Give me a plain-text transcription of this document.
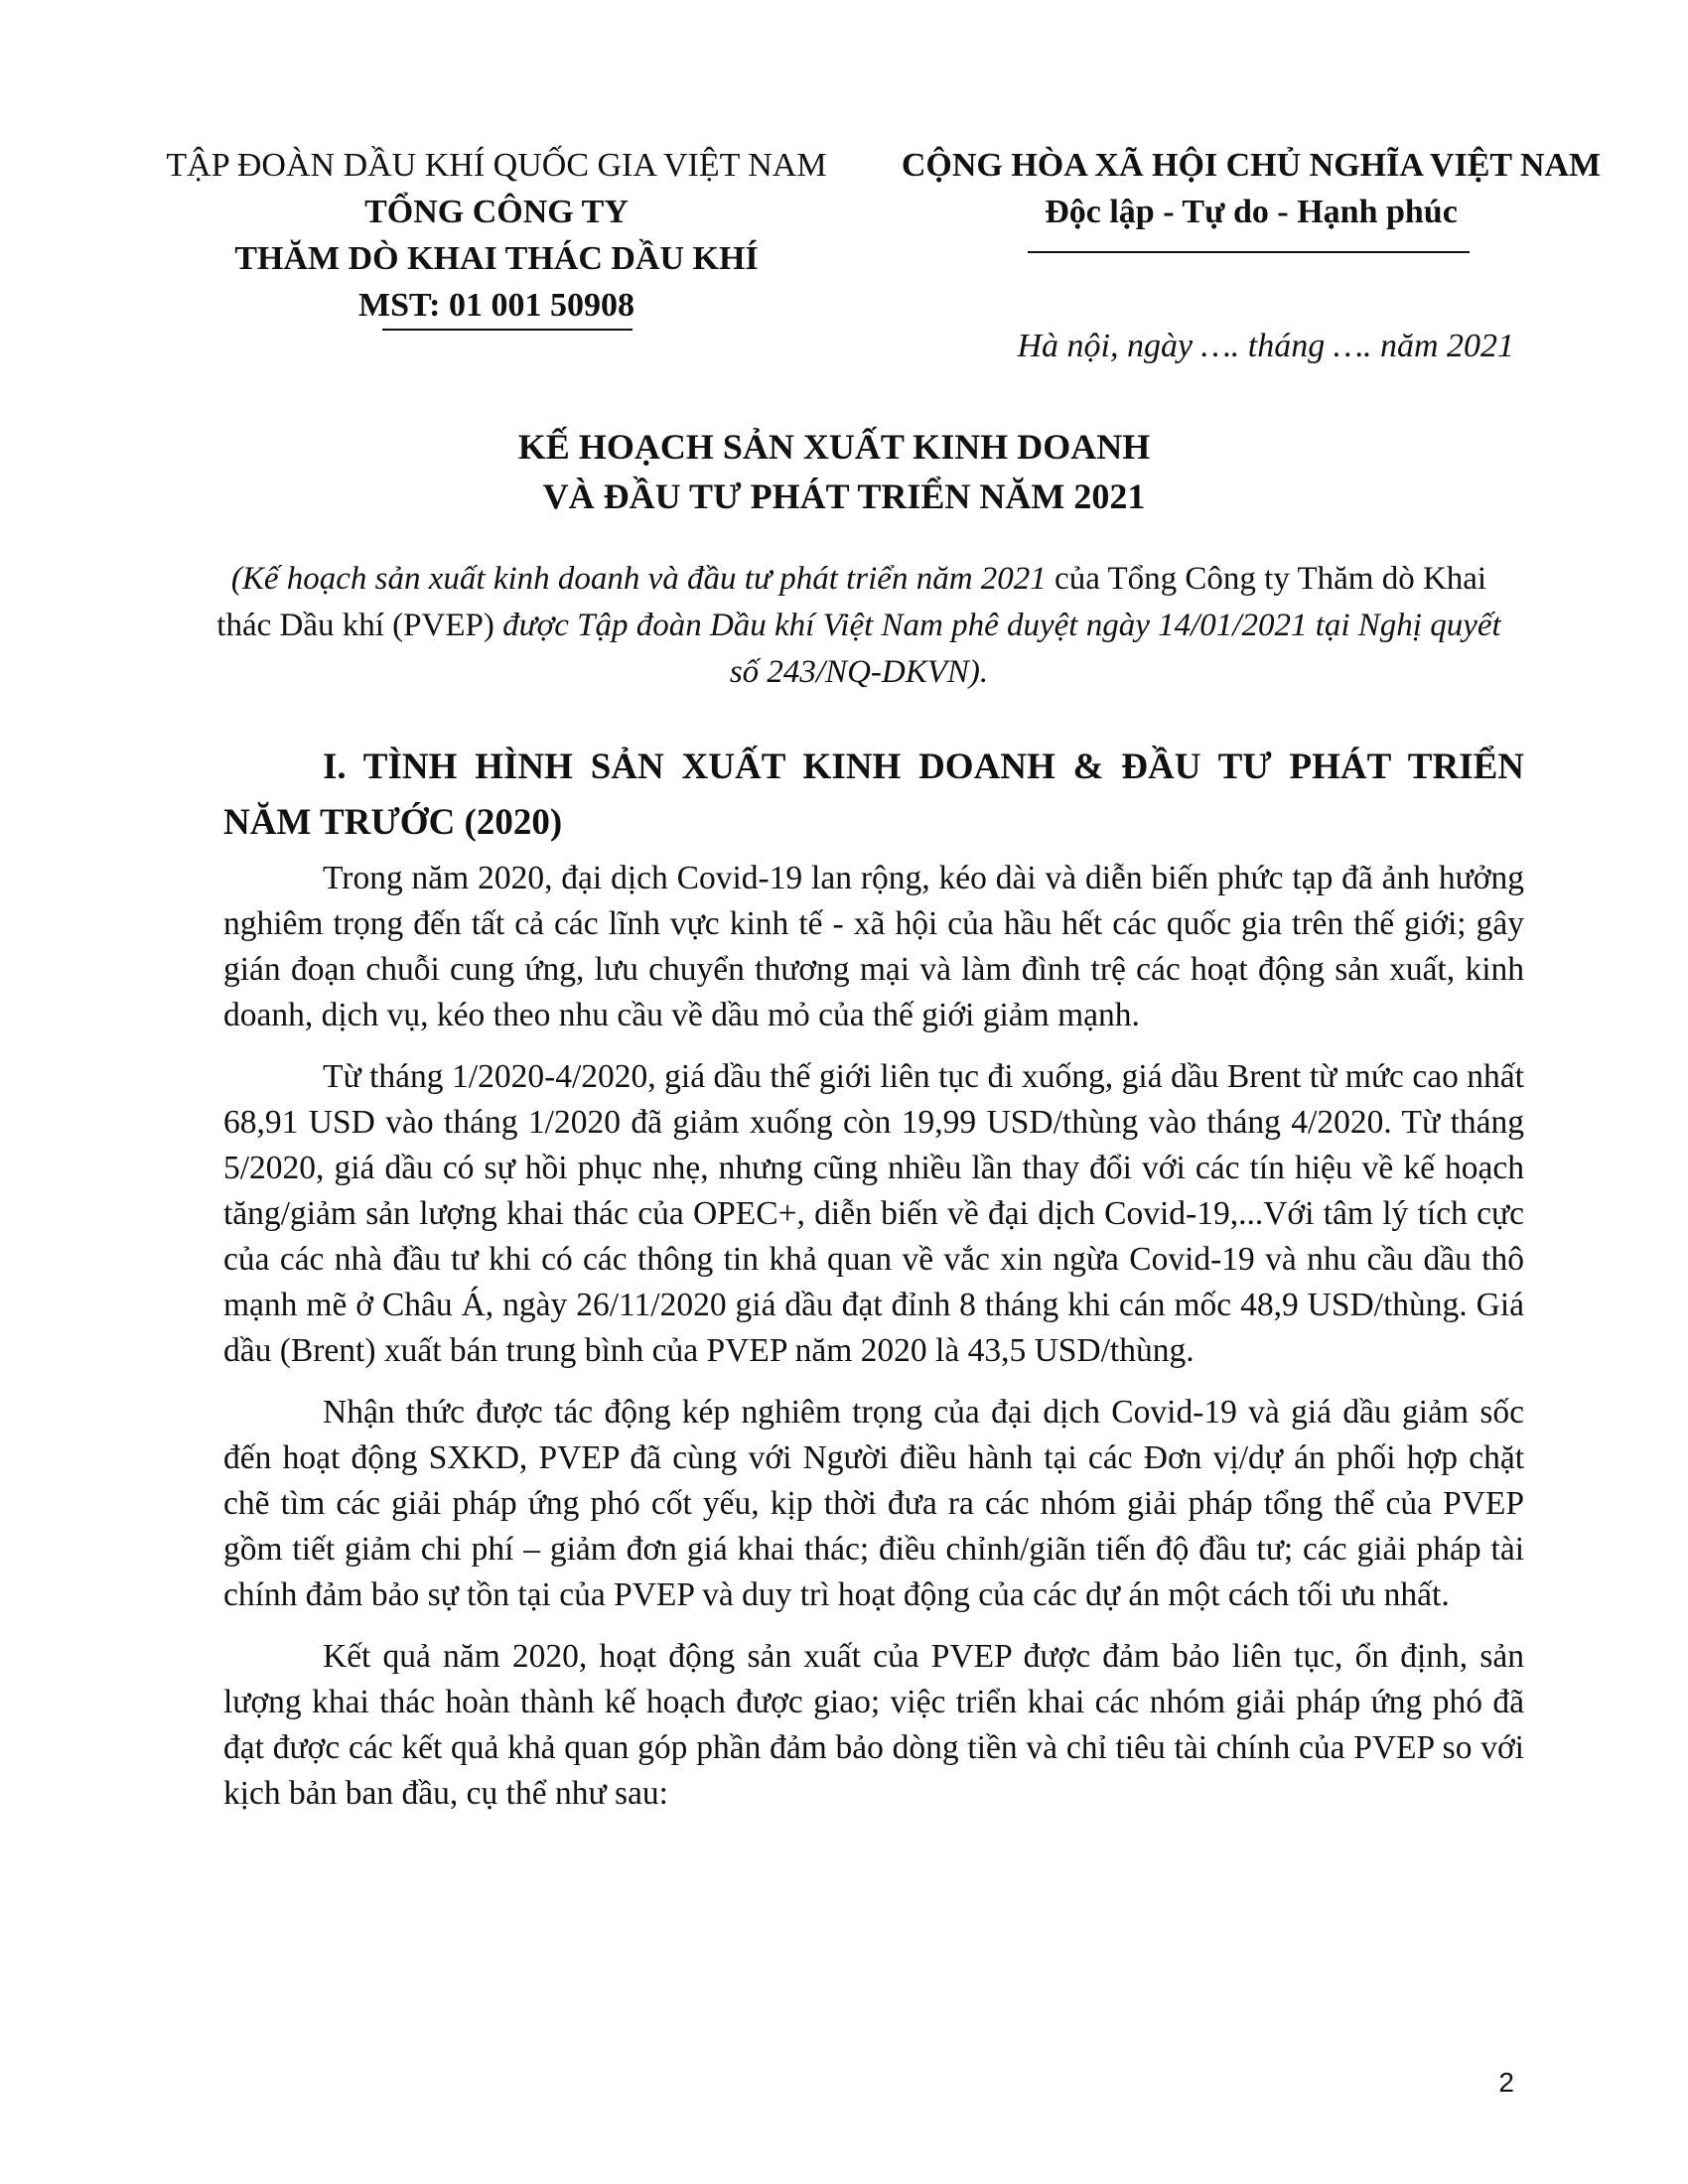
TẬP ĐOÀN DẦU KHÍ QUỐC GIA VIỆT NAM
TỔNG CÔNG TY
THĂM DÒ KHAI THÁC DẦU KHÍ
MST: 01 001 50908
CỘNG HÒA XÃ HỘI CHỦ NGHĨA VIỆT NAM
Độc lập - Tự do - Hạnh phúc
Hà nội, ngày …. tháng …. năm 2021
KẾ HOẠCH SẢN XUẤT KINH DOANH
VÀ ĐẦU TƯ PHÁT TRIỂN NĂM 2021
(Kế hoạch sản xuất kinh doanh và đầu tư phát triển năm 2021 của Tổng Công ty Thăm dò Khai thác Dầu khí (PVEP) được Tập đoàn Dầu khí Việt Nam phê duyệt ngày 14/01/2021 tại Nghị quyết số 243/NQ-DKVN).
I. TÌNH HÌNH SẢN XUẤT KINH DOANH & ĐẦU TƯ PHÁT TRIỂN NĂM TRƯỚC (2020)

Trong năm 2020, đại dịch Covid-19 lan rộng, kéo dài và diễn biến phức tạp đã ảnh hưởng nghiêm trọng đến tất cả các lĩnh vực kinh tế - xã hội của hầu hết các quốc gia trên thế giới; gây gián đoạn chuỗi cung ứng, lưu chuyển thương mại và làm đình trệ các hoạt động sản xuất, kinh doanh, dịch vụ, kéo theo nhu cầu về dầu mỏ của thế giới giảm mạnh.

Từ tháng 1/2020-4/2020, giá dầu thế giới liên tục đi xuống, giá dầu Brent từ mức cao nhất 68,91 USD vào tháng 1/2020 đã giảm xuống còn 19,99 USD/thùng vào tháng 4/2020. Từ tháng 5/2020, giá dầu có sự hồi phục nhẹ, nhưng cũng nhiều lần thay đổi với các tín hiệu về kế hoạch tăng/giảm sản lượng khai thác của OPEC+, diễn biến về đại dịch Covid-19,...Với tâm lý tích cực của các nhà đầu tư khi có các thông tin khả quan về vắc xin ngừa Covid-19 và nhu cầu dầu thô mạnh mẽ ở Châu Á, ngày 26/11/2020 giá dầu đạt đỉnh 8 tháng khi cán mốc 48,9 USD/thùng. Giá dầu (Brent) xuất bán trung bình của PVEP năm 2020 là 43,5 USD/thùng.

Nhận thức được tác động kép nghiêm trọng của đại dịch Covid-19 và giá dầu giảm sốc đến hoạt động SXKD, PVEP đã cùng với Người điều hành tại các Đơn vị/dự án phối hợp chặt chẽ tìm các giải pháp ứng phó cốt yếu, kịp thời đưa ra các nhóm giải pháp tổng thể của PVEP gồm tiết giảm chi phí – giảm đơn giá khai thác; điều chỉnh/giãn tiến độ đầu tư; các giải pháp tài chính đảm bảo sự tồn tại của PVEP và duy trì hoạt động của các dự án một cách tối ưu nhất.

Kết quả năm 2020, hoạt động sản xuất của PVEP được đảm bảo liên tục, ổn định, sản lượng khai thác hoàn thành kế hoạch được giao; việc triển khai các nhóm giải pháp ứng phó đã đạt được các kết quả khả quan góp phần đảm bảo dòng tiền và chỉ tiêu tài chính của PVEP so với kịch bản ban đầu, cụ thể như sau:

2
